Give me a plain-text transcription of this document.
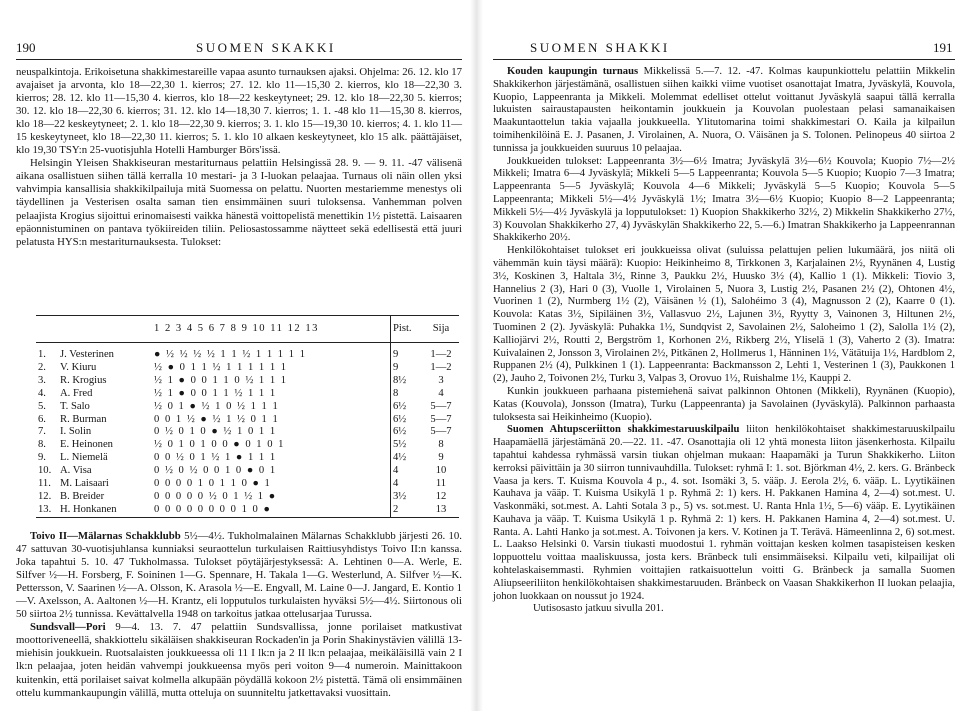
190	SUOMEN SKAKKI

neuspalkintoja. Erikoisetuna shakkimestareille vapaa asunto turnauksen ajaksi. Ohjelma: 26. 12. klo 17 avajaiset ja arvonta, klo 18—22,30 1. kierros; 27. 12. klo 11—15,30 2. kierros, klo 18—22,30 3. kierros; 28. 12. klo 11—15,30 4. kierros, klo 18—22 keskeytyneet; 29. 12. klo 18—22,30 5. kierros; 30. 12. klo 18—22,30 6. kierros; 31. 12. klo 14—18,30 7. kierros; 1. 1. -48 klo 11—15,30 8. kierros, klo 18—22 keskeytyneet; 2. 1. klo 18—22,30 9. kierros; 3. 1. klo 15—19,30 10. kierros; 4. 1. klo 11—15 keskeytyneet, klo 18—22,30 11. kierros; 5. 1. klo 10 alkaen keskeytyneet, klo 15 alk. päättäjäiset, klo 19,30 TSY:n 25-vuotisjuhla Hotelli Hamburger Börs'issä.

Helsingin Yleisen Shakkiseuran mestariturnaus pelattiin Helsingissä 28. 9. — 9. 11. -47 välisenä aikana osallistuen siihen tällä kerralla 10 mestari- ja 3 I-luokan pelaajaa. Turnaus oli näin ollen yksi vahvimpia kansallisia shakkikilpailuja mitä Suomessa on pelattu. Nuorten mestariemme menestys oli täydellinen ja Vesterisen osalta saman tien ensimmäinen suuri tuloksensa. Vanhemman polven pelaajista Krogius sijoittui erinomaisesti vaikka hänestä voittopelistä menettikin 1½ pistettä. Laisaaren epäonnistuminen on pantava työkiireiden tiliin. Peliosastossamme näytteet sekä edellisestä että juuri pelatusta HYS:n mestariturnauksesta. Tulokset:

	1 2 3 4 5 6 7 8 9 10 11 12 13	Pist.	Sija
1. J. Vesterinen	● ½ ½ ½ ½ 1 1 ½ 1 1 1 1 1	9	1—2
2. V. Kiuru	½ ● 0 1 1 ½ 1 1 1 1 1 1	9	1—2
3. R. Krogius	½ 1 ● 0 0 1 1 0 ½ 1 1 1	8½	3
4. A. Fred	½ 1 ● 0 0 1 1 ½ 1 1 1	8	4
5. T. Salo	½ 0 1 ● ½ 1 0 ½ 1 1 1	6½	5—7
6. R. Burman	0 0 1 ½ ● ½ 1 ½ 0 1 1	6½	5—7
7. I. Solin	0 ½ 0 1 0 ● ½ 1 0 1 1	6½	5—7
8. E. Heinonen	½ 0 1 0 1 0 0 ● 0 1 0 1	5½	8
9. L. Niemelä	0 0 ½ 0 1 ½ 1 ● 1 1 1	4½	9
10. A. Visa	0 ½ 0 ½ 0 0 1 0 ● 0 1	4	10
11. M. Laisaari	0 0 0 0 1 0 1 1 0 ● 1	4	11
12. B. Breider	0 0 0 0 0 ½ 0 1 ½ 1 ●	3½	12
13. H. Honkanen	0 0 0 0 0 0 0 0 1 0 ●	2	13

Toivo II—Mälarnas Schakklubb 5½—4½. Tukholmalainen Mälarnas Schakklubb järjesti 26. 10. 47 sattuvan 30-vuotisjuhlansa kunniaksi seuraottelun turkulaisen Raittiusyhdistys Toivo II:n kanssa. Joka tapahtui 5. 10. 47 Tukholmassa. Tulokset pöytäjärjestyksessä: A. Lehtinen 0—A. Werle, E. Silfver ½—H. Forsberg, F. Soininen 1—G. Spennare, H. Takala 1—G. Westerlund, A. Silfver ½—K. Pettersson, V. Saarinen ½—A. Olsson, K. Arasola ½—E. Engvall, M. Laine 0—J. Jangard, E. Kontio 1—V. Axelsson, A. Aaltonen ½—H. Krantz, eli lopputulos turkulaisten hyväksi 5½—4½. Siirtonous oli 50 siirtoa 2½ tunnissa. Kevättalvella 1948 on tarkoitus jatkaa ottelusarjaa Turussa.

Sundsvall—Pori 9—4. 13. 7. 47 pelattiin Sundsvallissa, jonne porilaiset matkustivat moottoriveneellä, shakkiottelu sikäläisen shakkiseuran Rockaden'in ja Porin Shakinystävien välillä 13-miehisin joukkuein. Ruotsalaisten joukkueessa oli 11 I lk:n ja 2 II lk:n pelaajaa, meikäläisillä vain 2 I lk:n pelaajaa, joten heidän vahvempi joukkueensa myös peri voiton 9—4 numeroin. Mainittakoon kuitenkin, että porilaiset saivat kolmella alkupään pöydällä kokoon 2½ pistettä. Tämä oli ensimmäinen ottelu kummankaupungin välillä, mutta otteluja on suunniteltu jatkettavaksi vuosittain.

SUOMEN SHAKKI	191

Kouden kaupungin turnaus Mikkelissä 5.—7. 12. -47. Kolmas kaupunkiottelu pelattiin Mikkelin Shakkikerhon järjestämänä, osallistuen siihen kaikki viime vuotiset osanottajat Imatra, Jyväskylä, Kouvola, Kuopio, Lappeenranta ja Mikkeli. Molemmat edelliset ottelut voittanut Jyväskylä saapui tällä kerralla lukuisten sairaustapausten heikontamin joukkuein ja Kouvolan puolestaan pelasi samanaikaisen Maakuntaottelun takia vajaalla joukkueella. Ylitutomarina toimi shakkimestari O. Kaila ja kilpailun toimihenkilöinä E. J. Pasanen, J. Virolainen, A. Nuora, O. Väisänen ja S. Tolonen. Pelinopeus 40 siirtoa 2 tunnissa ja joukkueiden suuruus 10 pelaajaa.

Joukkueiden tulokset: Lappeenranta 3½—6½ Imatra; Jyväskylä 3½—6½ Kouvola; Kuopio 7½—2½ Mikkeli; Imatra 6—4 Jyväskylä; Mikkeli 5—5 Lappeenranta; Kouvola 5—5 Kuopio; Kuopio 7—3 Imatra; Lappeenranta 5—5 Jyväskylä; Kouvola 4—6 Mikkeli; Jyväskylä 5—5 Kuopio; Kouvola 5—5 Lappeenranta; Mikkeli 5½—4½ Jyväskylä 1½; Imatra 3½—6½ Kuopio; Kuopio 8—2 Lappeenranta; Mikkeli 5½—4½ Jyväskylä ja lopputulokset: 1) Kuopion Shakkikerho 32½, 2) Mikkelin Shakkikerho 27½, 3) Kouvolan Shakkikerho 27, 4) Jyväskylän Shakkikerho 22, 5.—6.) Imatran Shakkikerho ja Lappeenrannan Shakkikerho 20½.

Henkilökohtaiset tulokset eri joukkueissa olivat (suluissa pelattujen pelien lukumäärä, jos niitä oli vähemmän kuin täysi määrä): Kuopio: Heikinheimo 8, Tirkkonen 3, Karjalainen 2½, Ryynänen 4, Lustig 3½, Koskinen 3, Haltala 3½, Rinne 3, Paukku 2½, Huusko 3½ (4), Kallio 1 (1). Mikkeli: Tiovio 3, Hannelius 2 (3), Hari 0 (3), Vuolle 1, Virolainen 5, Nuora 3, Lustig 2½, Pasanen 2½ (2), Ohtonen 4½, Vuorinen 1 (2), Nurmberg 1½ (2), Väisänen ½ (1), Salohéimo 3 (4), Magnusson 2 (2), Kaarre 0 (1). Kouvola: Katas 3½, Sipiläinen 3½, Vallasvuo 2½, Lajunen 3½, Ryytty 3, Vainonen 3, Hiltunen 2½, Tuominen 2 (2). Jyväskylä: Puhakka 1½, Sundqvist 2, Savolainen 2½, Saloheimo 1 (2), Salolla 1½ (2), Kalliojärvi 2½, Routti 2, Bergström 1, Korhonen 2½, Rikberg 2½, Yliselä 1 (3), Vaherto 2 (3). Imatra: Kuivalainen 2, Jonsson 3, Virolainen 2½, Pitkänen 2, Hollmerus 1, Hänninen 1½, Vätätuija 1½, Hardblom 2, Ruppanen 2½ (4), Pulkkinen 1 (1). Lappeenranta: Backmansson 2, Lehti 1, Vesterinen 1 (3), Paukkonen 1 (2), Jauho 2, Toivonen 2½, Turku 3, Valpas 3, Orovuo 1½, Ruishalme 1½, Kauppi 2.

Kunkin joukkueen parhaana pistemiehenä saivat palkinnon Ohtonen (Mikkeli), Ryynänen (Kuopio), Katas (Kouvola), Jonsson (Imatra), Turku (Lappeenranta) ja Savolainen (Jyväskylä). Palkinnon parhaasta tuloksesta sai Heikinheimo (Kuopio).

Suomen Ahtupsceriitton shakkimestaruuskilpailu liiton henkilökohtaiset shakkimestaruuskilpailu Haapamäellä järjestämänä 20.—22. 11. -47. Osanottajia oli 12 yhtä monesta liiton jäsenkerhosta. Kilpailu tapahtui kahdessa ryhmässä varsin tiukan ohjelman mukaan: Haapamäki ja Turun Shakkikerho. Liiton kerroksi päivittäin ja 30 siirron tunnivauhdilla. Tulokset: ryhmä I: 1. sot. Björkman 4½, 2. kers. G. Bränbeck Vaasa ja kers. T. Kuisma Kouvola 4 p., 4. sot. Isomäki 3, 5. vääp. J. Eerola 2½, 6. vääp. L. Lyytikäinen Kauhava ja vääp. T. Kuisma Usikylä 1 p. Ryhmä 2: 1) kers. H. Pakkanen Hamina 4, 2—4) sot.mest. U. Vaskonmäki, sot.mest. A. Lahti Sotala 3 p., 5) vs. sot.mest. U. Ranta Hnla 1½, 5—6) vääp. E. Lyytikäinen Kauhava ja vääp. T. Kuisma Usikylä 1 p. Ryhmä 2: 1) kers. H. Pakkanen Hamina 4, 2—4) sot.mest. U. Ranta. A. Lahti Hanko ja sot.mest. A. Toivonen ja kers. V. Kotinen ja T. Terävä. Hämeenlinna 2, 6) sot.mest. L. Laakso Helsinki 0. Varsin tiukasti muodostui 1. ryhmän voittajan kesken kolmen tasapisteisen kesken loppuottelu voittaa maaliskuussa, josta kers. Bränbeck tuli ensimmäiseksi. Kilpailu veti, kilpailijat oli kohtelaskaisemmasti. Ryhmien voittajien ratkaisuottelun voitti G. Bränbeck ja samalla Suomen Aliupseeriliiton henkilökohtaisen shakkimestaruuden. Bränbeck on Vaasan Shakkikerhon II luokan pelaajia, johon luokkaan on noussut jo 1924.

Uutisosasto jatkuu sivulla 201.
